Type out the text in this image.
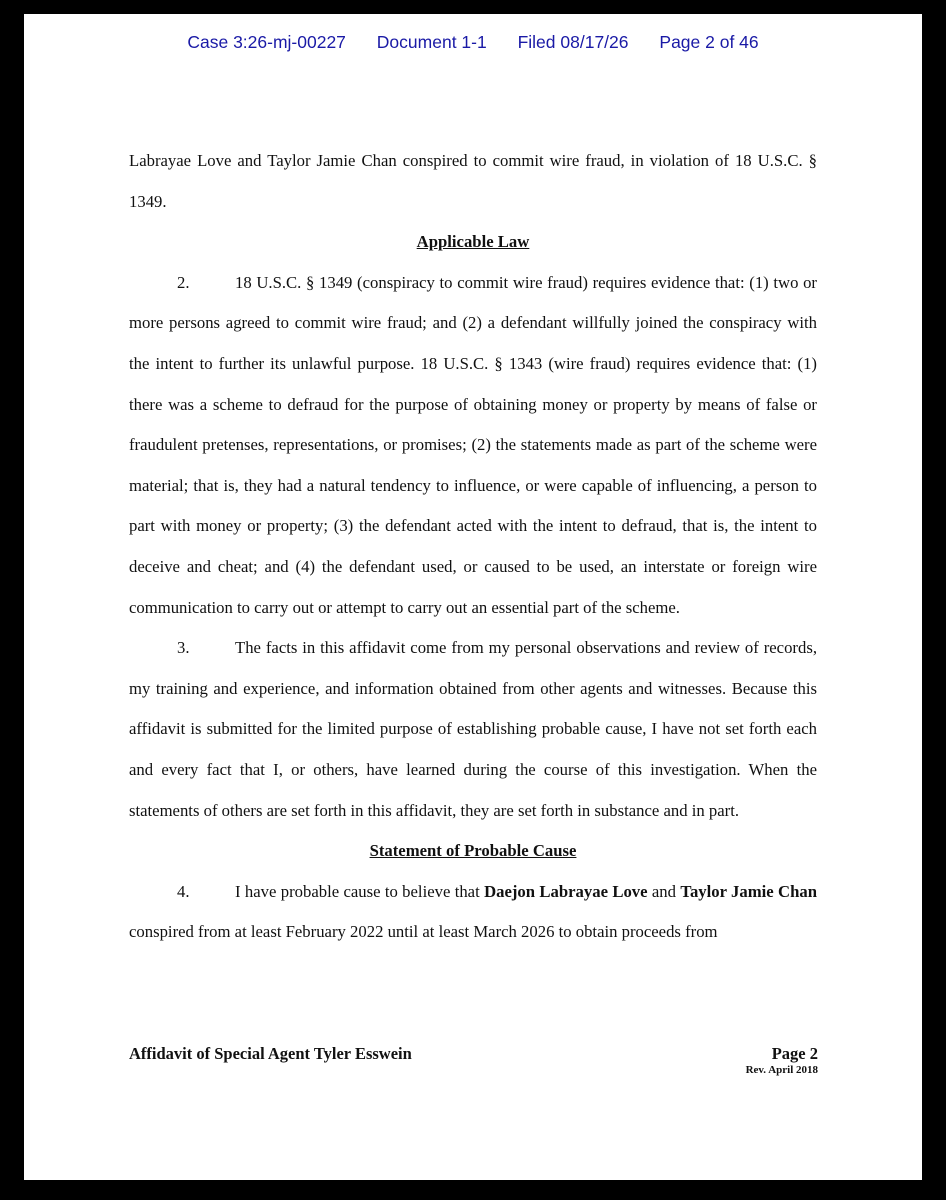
Case 3:26-mj-00227 Document 1-1 Filed 08/17/26 Page 2 of 46

Labrayae Love and Taylor Jamie Chan conspired to commit wire fraud, in violation of 18 U.S.C. § 1349.

Applicable Law

2.	18 U.S.C. § 1349 (conspiracy to commit wire fraud) requires evidence that: (1) two or more persons agreed to commit wire fraud; and (2) a defendant willfully joined the conspiracy with the intent to further its unlawful purpose. 18 U.S.C. § 1343 (wire fraud) requires evidence that: (1) there was a scheme to defraud for the purpose of obtaining money or property by means of false or fraudulent pretenses, representations, or promises; (2) the statements made as part of the scheme were material; that is, they had a natural tendency to influence, or were capable of influencing, a person to part with money or property; (3) the defendant acted with the intent to defraud, that is, the intent to deceive and cheat; and (4) the defendant used, or caused to be used, an interstate or foreign wire communication to carry out or attempt to carry out an essential part of the scheme.

3.	The facts in this affidavit come from my personal observations and review of records, my training and experience, and information obtained from other agents and witnesses. Because this affidavit is submitted for the limited purpose of establishing probable cause, I have not set forth each and every fact that I, or others, have learned during the course of this investigation. When the statements of others are set forth in this affidavit, they are set forth in substance and in part.

Statement of Probable Cause

4.	I have probable cause to believe that Daejon Labrayae Love and Taylor Jamie Chan conspired from at least February 2022 until at least March 2026 to obtain proceeds from

Affidavit of Special Agent Tyler Esswein	Page 2
Rev. April 2018
